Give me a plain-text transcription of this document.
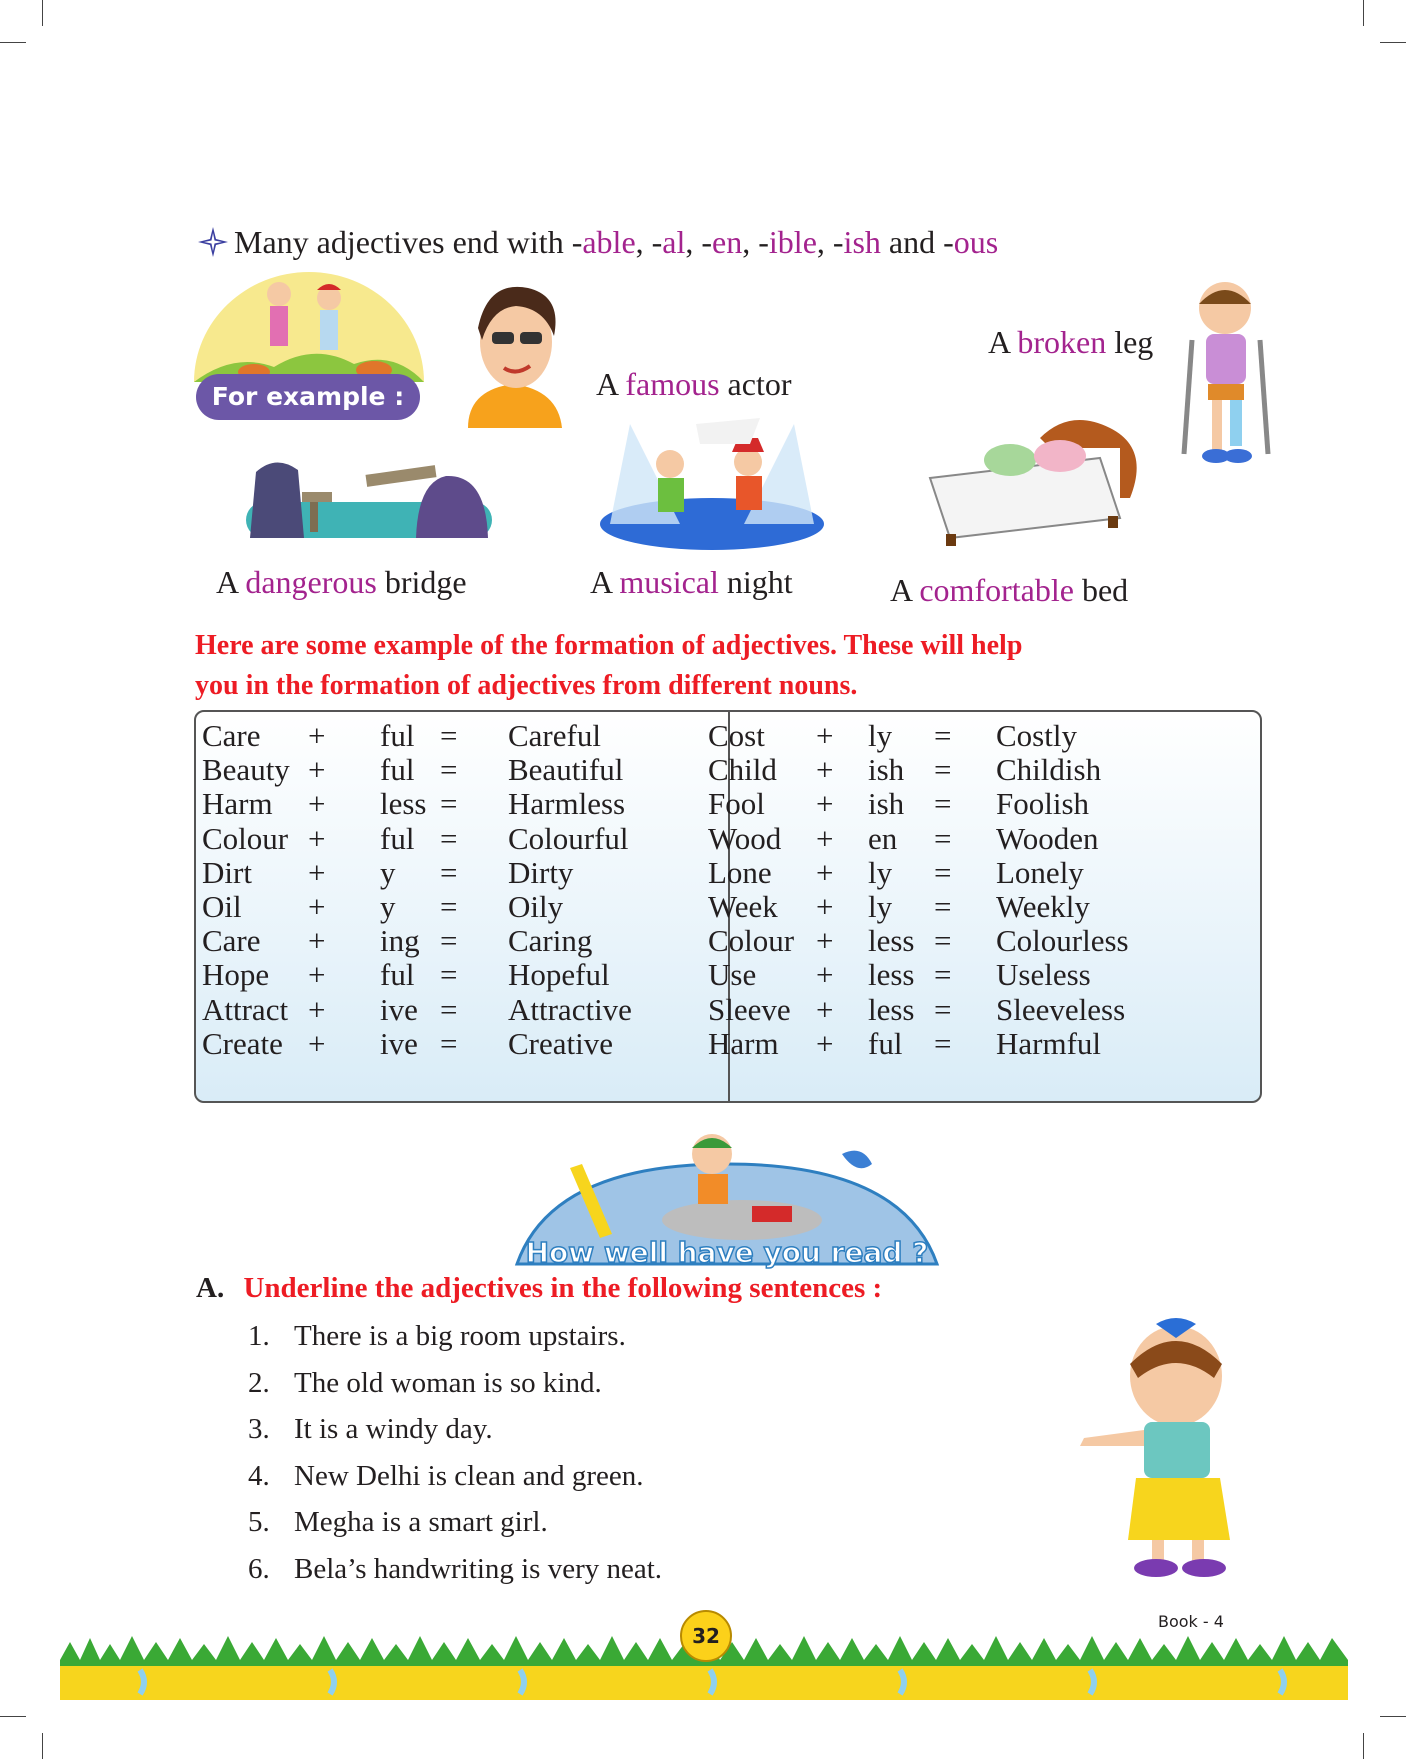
Many adjectives end with -able, -al, -en, -ible, -ish and -ous
For example :	A famous actor
A broken leg
A dangerous bridge	A musical night	A comfortable bed
Here are some example of the formation of adjectives. These will help
you in the formation of adjectives from different nouns.
Care + ful = Careful
Beauty + ful = Beautiful
Harm + less = Harmless
Colour + ful = Colourful
Dirt + y = Dirty
Oil + y = Oily
Care + ing = Caring
Hope + ful = Hopeful
Attract + ive = Attractive
Create + ive = Creative
Cost + ly = Costly
Child + ish = Childish
Fool + ish = Foolish
Wood + en = Wooden
Lone + ly = Lonely
Week + ly = Weekly
Colour + less = Colourless
Use + less = Useless
Sleeve + less = Sleeveless
Harm + ful = Harmful
How well have you read ?
A. Underline the adjectives in the following sentences :
1. There is a big room upstairs.
2. The old woman is so kind.
3. It is a windy day.
4. New Delhi is clean and green.
5. Megha is a smart girl.
6. Bela’s handwriting is very neat.
32
Book - 4
